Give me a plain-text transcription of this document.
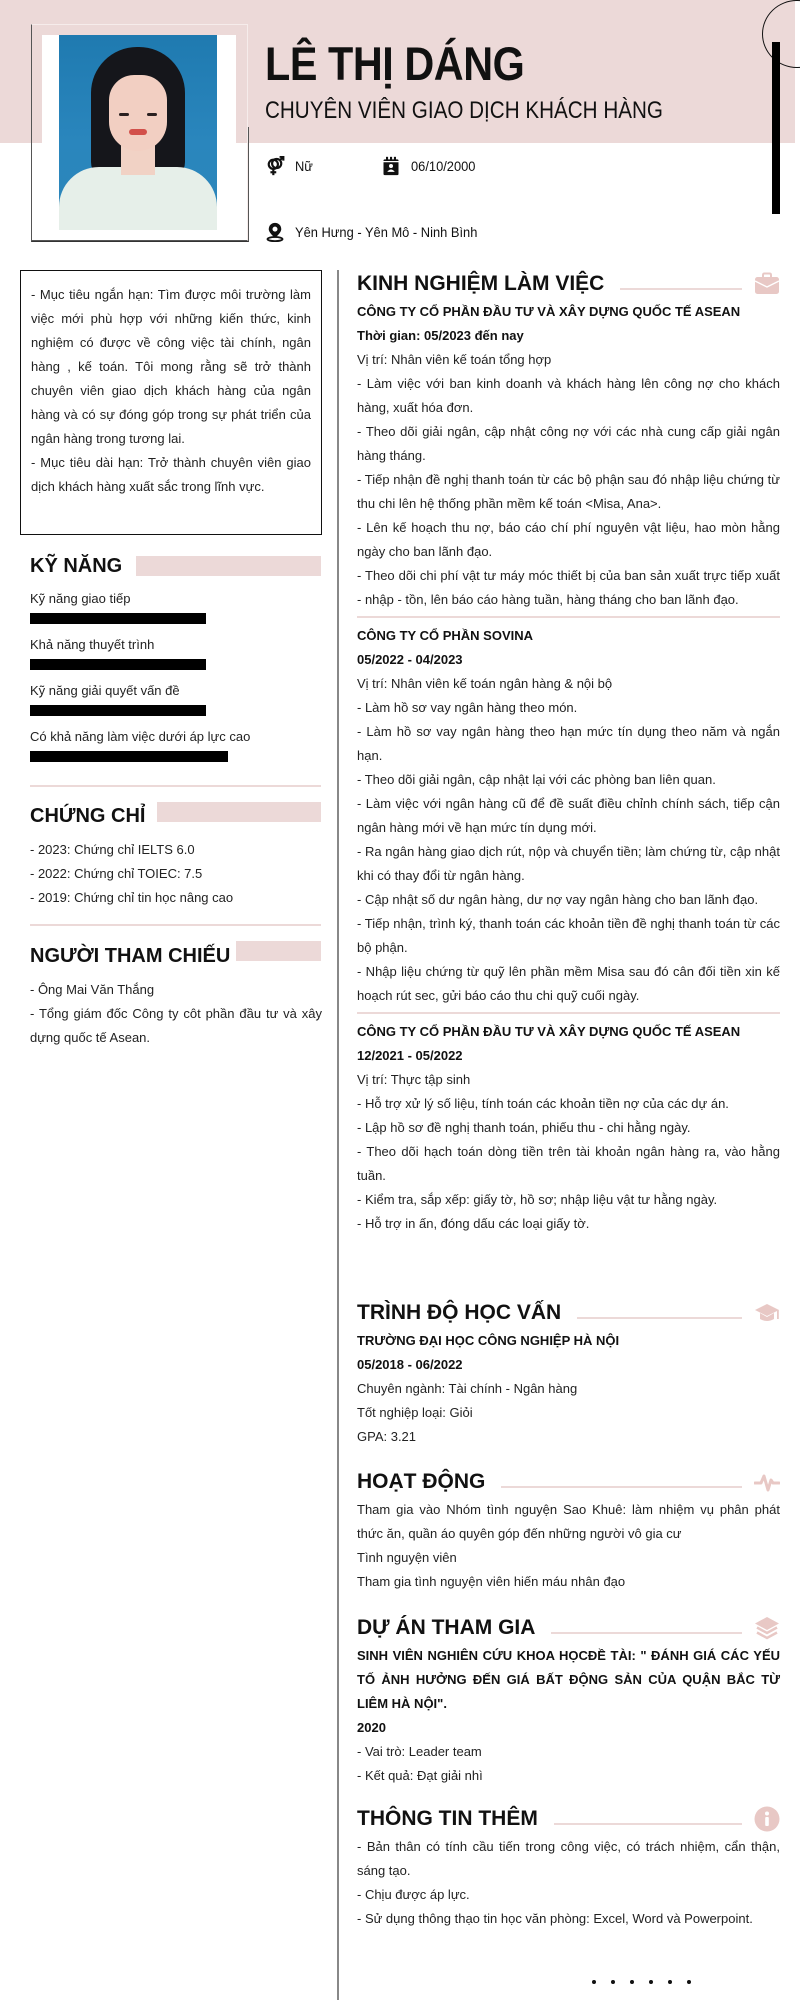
LÊ THỊ DÁNG
CHUYÊN VIÊN GIAO DỊCH KHÁCH HÀNG
Nữ	06/10/2000
Yên Hưng - Yên Mô - Ninh Bình

- Mục tiêu ngắn hạn: Tìm được môi trường làm việc mới phù hợp với những kiến thức, kinh nghiệm có được về công việc tài chính, ngân hàng , kế toán. Tôi mong rằng sẽ trở thành chuyên viên giao dịch khách hàng của ngân hàng và có sự đóng góp trong sự phát triển của ngân hàng trong tương lai.

- Mục tiêu dài hạn: Trở thành chuyên viên giao dịch khách hàng xuất sắc trong lĩnh vực.

KỸ NĂNG
Kỹ năng giao tiếp
Khả năng thuyết trình
Kỹ năng giải quyết vấn đề
Có khả năng làm việc dưới áp lực cao
CHỨNG CHỈ
- 2023: Chứng chỉ IELTS 6.0
- 2022: Chứng chỉ TOIEC: 7.5
- 2019: Chứng chỉ tin học nâng cao
NGƯỜI THAM CHIẾU
- Ông Mai Văn Thắng
- Tổng giám đốc Công ty côt phần đầu tư và xây dựng quốc tế Asean.
KINH NGHIỆM LÀM VIỆC
CÔNG TY CỔ PHẦN ĐẦU TƯ VÀ XÂY DỰNG QUỐC TẾ ASEAN
Thời gian: 05/2023 đến nay
Vị trí: Nhân viên kế toán tổng hợp
- Làm việc với ban kinh doanh và khách hàng lên công nợ cho khách hàng, xuất hóa đơn.
- Theo dõi giải ngân, cập nhật công nợ với các nhà cung cấp giải ngân hàng tháng.
- Tiếp nhận đề nghị thanh toán từ các bộ phận sau đó nhập liệu chứng từ thu chi lên hệ thống phần mềm kế toán <Misa, Ana>.
- Lên kế hoạch thu nợ, báo cáo chí phí nguyên vật liệu, hao mòn hằng ngày cho ban lãnh đạo.
- Theo dõi chi phí vật tư máy móc thiết bị của ban sản xuất trực tiếp xuất - nhập - tồn, lên báo cáo hàng tuần, hàng tháng cho ban lãnh đạo.
CÔNG TY CỔ PHẦN SOVINA
05/2022 - 04/2023
Vị trí: Nhân viên kế toán ngân hàng & nội bộ
- Làm hồ sơ vay ngân hàng theo món.
- Làm hồ sơ vay ngân hàng theo hạn mức tín dụng theo năm và ngắn hạn.
- Theo dõi giải ngân, cập nhật lại với các phòng ban liên quan.
- Làm việc với ngân hàng cũ để đề suất điều chỉnh chính sách, tiếp cận ngân hàng mới về hạn mức tín dụng mới.
- Ra ngân hàng giao dịch rút, nộp và chuyển tiền; làm chứng từ, cập nhật khi có thay đổi từ ngân hàng.
- Cập nhật số dư ngân hàng, dư nợ vay ngân hàng cho ban lãnh đạo.
- Tiếp nhận, trình ký, thanh toán các khoản tiền đề nghị thanh toán từ các bộ phận.
- Nhập liệu chứng từ quỹ lên phần mềm Misa sau đó cân đối tiền xin kế hoạch rút sec, gửi báo cáo thu chi quỹ cuối ngày.
CÔNG TY CỔ PHẦN ĐẦU TƯ VÀ XÂY DỰNG QUỐC TẾ ASEAN
12/2021 - 05/2022
Vị trí: Thực tập sinh
- Hỗ trợ xử lý số liệu, tính toán các khoản tiền nợ của các dự án.
- Lập hồ sơ đề nghị thanh toán, phiếu thu - chi hằng ngày.
- Theo dõi hạch toán dòng tiền trên tài khoản ngân hàng ra, vào hằng tuần.
- Kiểm tra, sắp xếp: giấy tờ, hồ sơ; nhập liệu vật tư hằng ngày.
- Hỗ trợ in ấn, đóng dấu các loại giấy tờ.
TRÌNH ĐỘ HỌC VẤN
TRƯỜNG ĐẠI HỌC CÔNG NGHIỆP HÀ NỘI
05/2018 - 06/2022
Chuyên ngành: Tài chính - Ngân hàng
Tốt nghiệp loại: Giỏi
GPA: 3.21
HOẠT ĐỘNG
Tham gia vào Nhóm tình nguyện Sao Khuê: làm nhiệm vụ phân phát thức ăn, quần áo quyên góp đến những người vô gia cư
Tình nguyện viên
Tham gia tình nguyện viên hiến máu nhân đạo
DỰ ÁN THAM GIA
SINH VIÊN NGHIÊN CỨU KHOA HỌCĐỀ TÀI: " ĐÁNH GIÁ CÁC YẾU TỐ ẢNH HƯỞNG ĐẾN GIÁ BẤT ĐỘNG SẢN CỦA QUẬN BẮC TỪ LIÊM HÀ NỘI".
2020
- Vai trò: Leader team
- Kết quả: Đạt giải nhì
THÔNG TIN THÊM
- Bản thân có tính cầu tiến trong công việc, có trách nhiệm, cẩn thận, sáng tạo.
- Chịu được áp lực.
- Sử dụng thông thạo tin học văn phòng: Excel, Word và Powerpoint.
